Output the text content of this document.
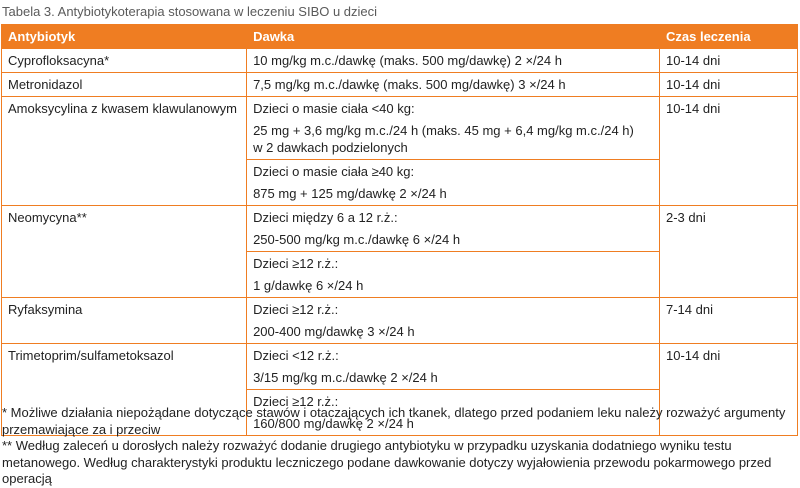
Tabela 3. Antybiotykoterapia stosowana w leczeniu SIBO u dzieci
Antybiotyk	Dawka	Czas leczenia
Cyprofloksacyna*	10 mg/kg m.c./dawkę (maks. 500 mg/dawkę) 2 ×/24 h	10-14 dni
Metronidazol	7,5 mg/kg m.c./dawkę (maks. 500 mg/dawkę) 3 ×/24 h	10-14 dni
Amoksycylina z kwasem klawulanowym	Dzieci o masie ciała <40 kg:
25 mg + 3,6 mg/kg m.c./24 h (maks. 45 mg + 6,4 mg/kg m.c./24 h)
w 2 dawkach podzielonych	10-14 dni

	Dzieci o masie ciała ≥40 kg:
875 mg + 125 mg/dawkę 2 ×/24 h	

Neomycyna**	Dzieci między 6 a 12 r.ż.:
250-500 mg/kg m.c./dawkę 6 ×/24 h	2-3 dni

	Dzieci ≥12 r.ż.:
1 g/dawkę 6 ×/24 h	

Ryfaksymina	Dzieci ≥12 r.ż.:
200-400 mg/dawkę 3 ×/24 h	7-14 dni
Trimetoprim/sulfametoksazol	Dzieci <12 r.ż.:
3/15 mg/kg m.c./dawkę 2 ×/24 h	10-14 dni

	Dzieci ≥12 r.ż.:
160/800 mg/dawkę 2 ×/24 h	

* Możliwe działania niepożądane dotyczące stawów i otaczających ich tkanek, dlatego przed podaniem leku należy rozważyć argumenty przemawiające za i przeciw

** Według zaleceń u dorosłych należy rozważyć dodanie drugiego antybiotyku w przypadku uzyskania dodatniego wyniku testu metanowego. Według charakterystyki produktu leczniczego podane dawkowanie dotyczy wyjałowienia przewodu pokarmowego przed operacją
